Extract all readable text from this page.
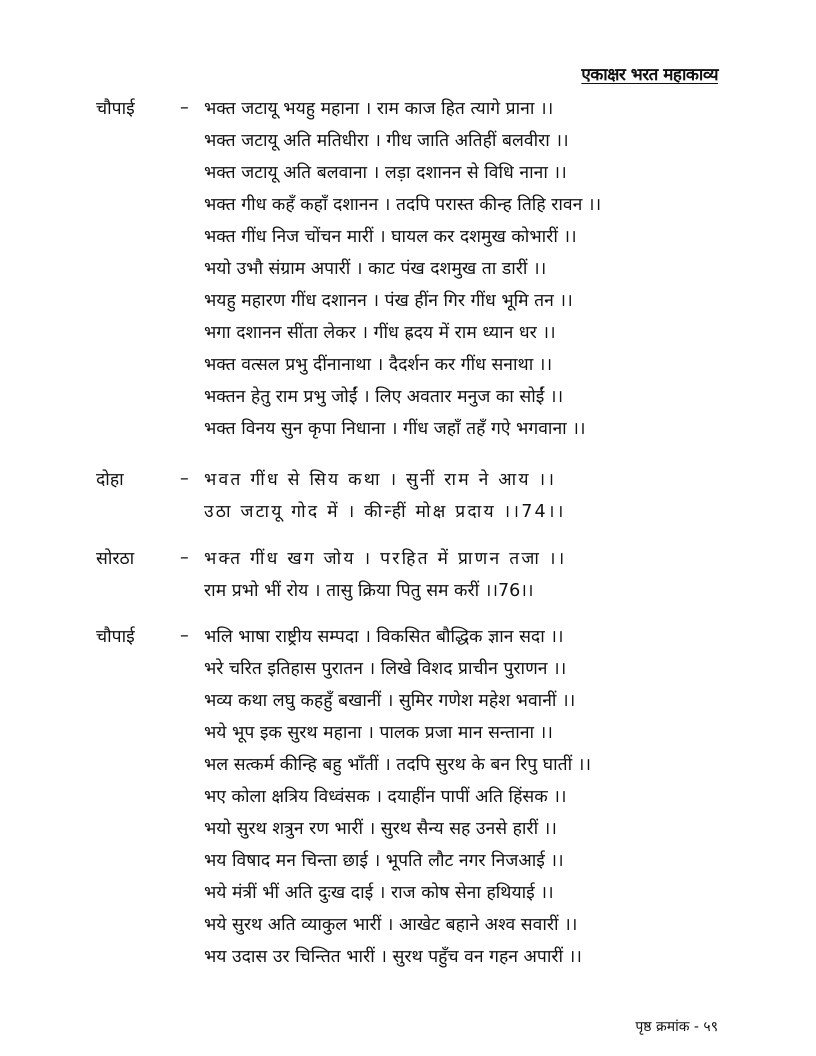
एकाक्षर भरत महाकाव्य
चौपाई	– भक्त जटायू भयहु महाना । राम काज हित त्यागे प्राना ।।
भक्त जटायू अति मतिधीरा । गीध जाति अतिहीं बलवीरा ।।
भक्त जटायू अति बलवाना । लड़ा दशानन से विधि नाना ।।
भक्त गीध कहँ कहाँ दशानन । तदपि परास्त कीन्ह तिहि रावन ।।
भक्त गींध निज चोंचन मारीं । घायल कर दशमुख कोभारीं ।।
भयो उभौ संग्राम अपारीं । काट पंख दशमुख ता डारीं ।।
भयहु महारण गींध दशानन । पंख हींन गिर गींध भूमि तन ।।
भगा दशानन सींता लेकर । गींध ह्रदय में राम ध्यान धर ।।
भक्त वत्सल प्रभु दींनानाथा । दैदर्शन कर गींध सनाथा ।।
भक्तन हेतु राम प्रभु जोईं । लिए अवतार मनुज का सोईं ।।
भक्त विनय सुन कृपा निधाना । गींध जहाँ तहँ गऐ भगवाना ।।
दोहा	– भवत गींध से सिय कथा । सुनीं राम ने आय ।।
उठा जटायू गोद में । कीन्हीं मोक्ष प्रदाय ।।74।।
सोरठा	– भक्त गींध खग जोय । परहित में प्राणन तजा ।।
राम प्रभो भीं रोय । तासु क्रिया पितु सम करीं ।।76।।
चौपाई	– भलि भाषा राष्ट्रीय सम्पदा । विकसित बौद्धिक ज्ञान सदा ।।
भरे चरित इतिहास पुरातन । लिखे विशद प्राचीन पुराणन ।।
भव्य कथा लघु कहहुँ बखानीं । सुमिर गणेश महेश भवानीं ।।
भये भूप इक सुरथ महाना । पालक प्रजा मान सन्ताना ।।
भल सत्कर्म कीन्हि बहु भाँतीं । तदपि सुरथ के बन रिपु घातीं ।।
भए कोला क्षत्रिय विध्वंसक । दयाहींन पापीं अति हिंसक ।।
भयो सुरथ शत्रुन रण भारीं । सुरथ सैन्य सह उनसे हारीं ।।
भय विषाद मन चिन्ता छाई । भूपति लौट नगर निजआई ।।
भये मंत्रीं भीं अति दुःख दाई । राज कोष सेना हथियाई ।।
भये सुरथ अति व्याकुल भारीं । आखेट बहाने अश्व सवारीं ।।
भय उदास उर चिन्तित भारीं । सुरथ पहुँच वन गहन अपारीं ।।
पृष्ठ क्रमांक - ५९
